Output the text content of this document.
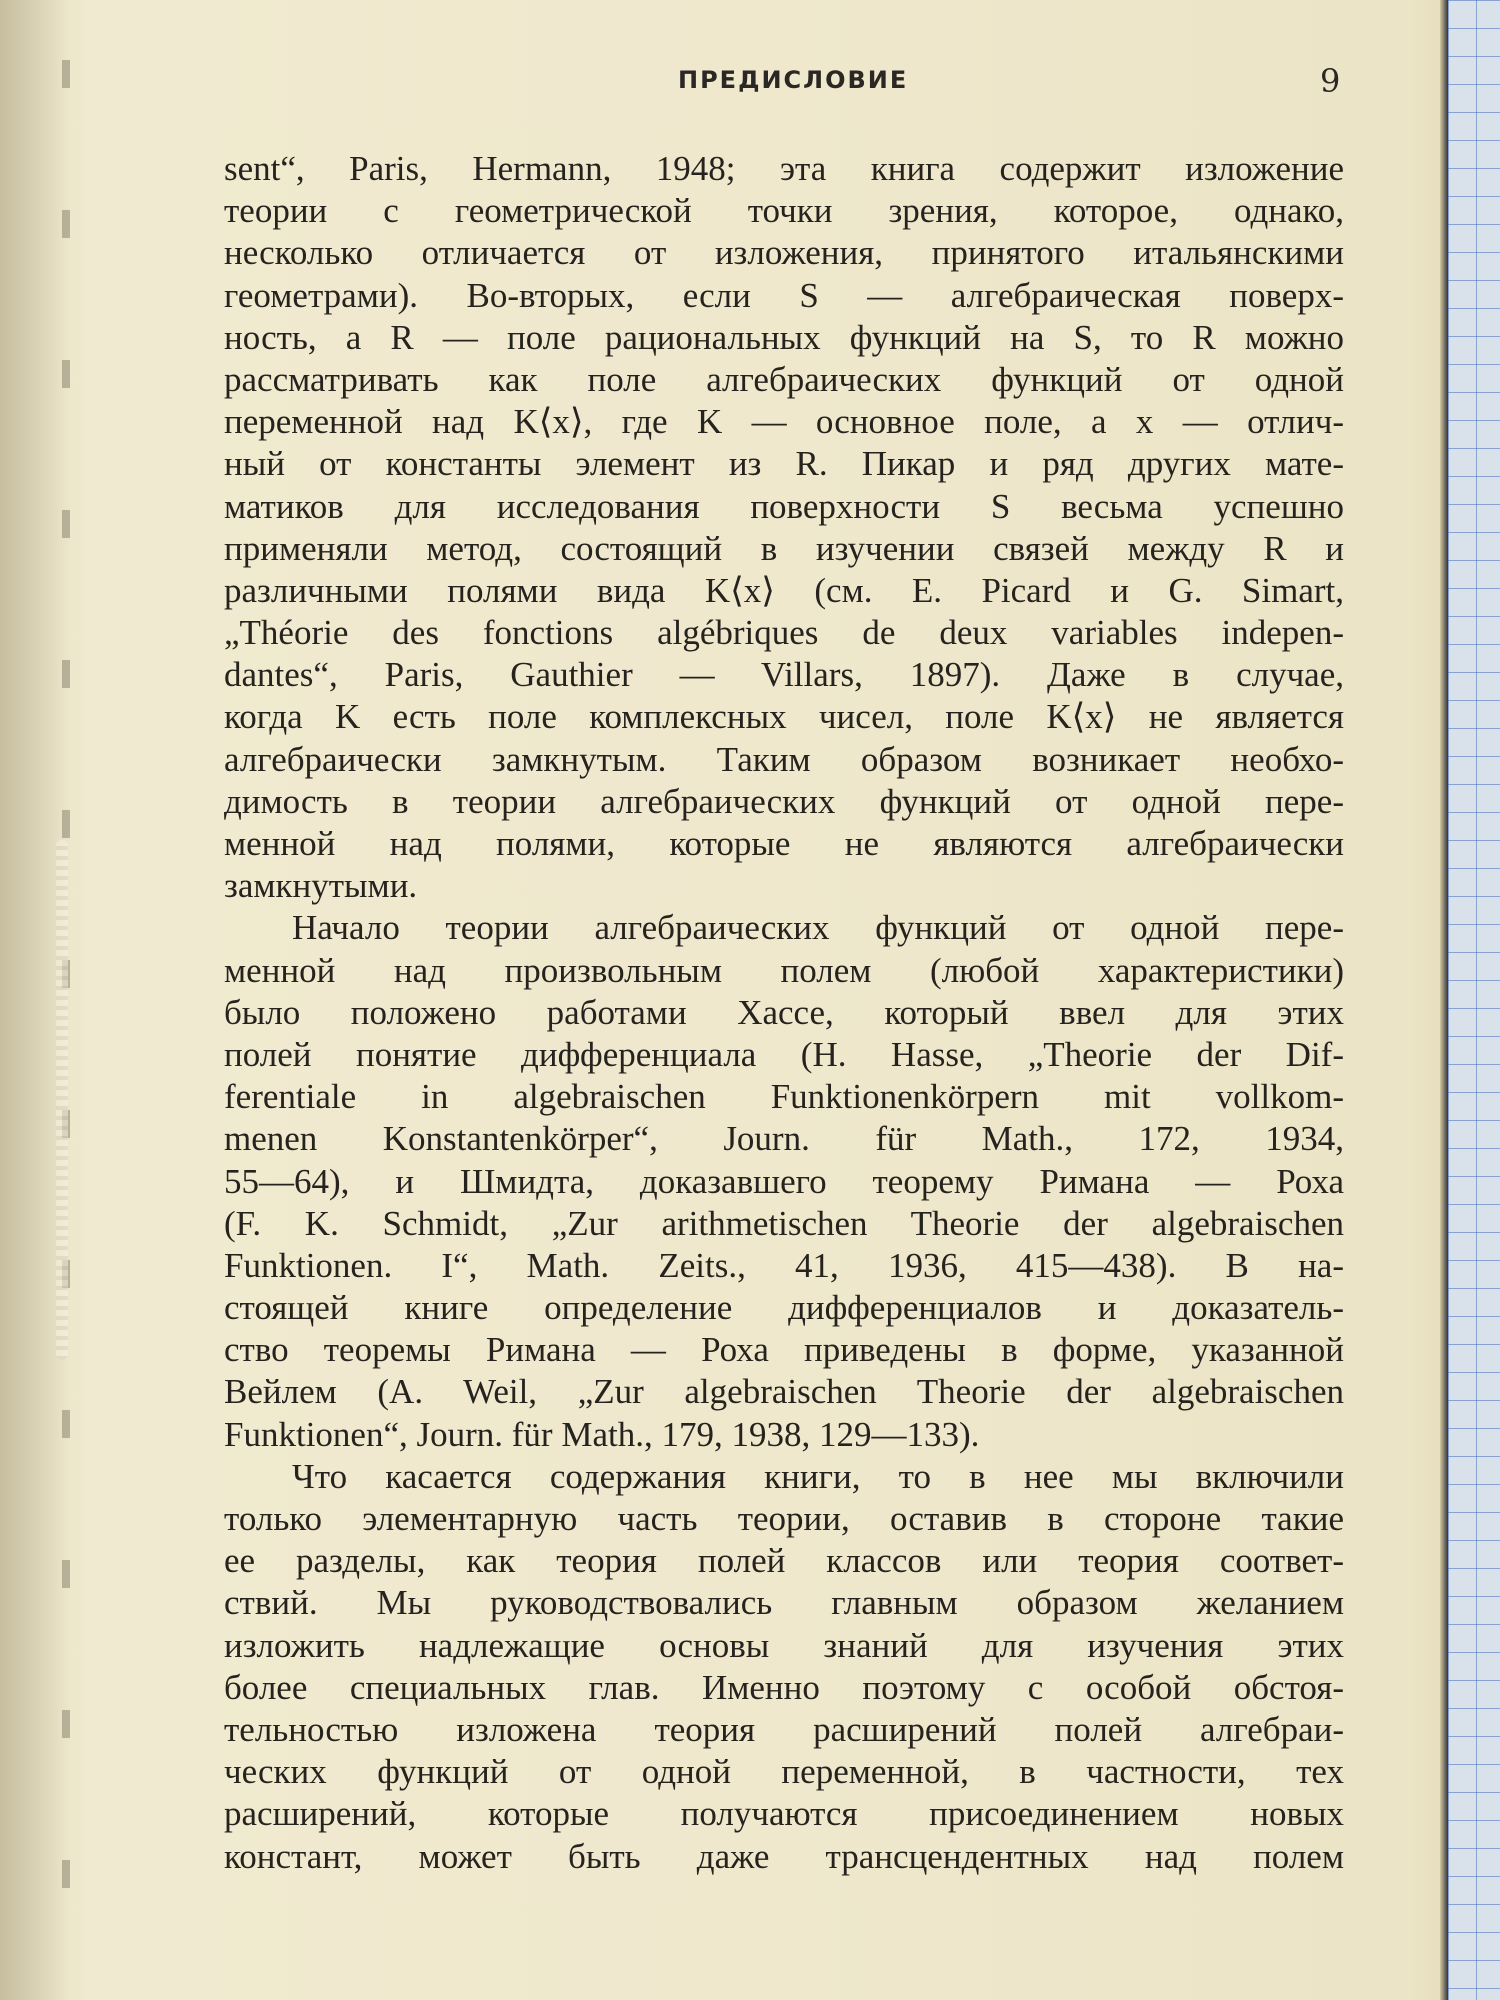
ПРЕДИСЛОВИЕ	9
sent“, Paris, Hermann, 1948; эта книга содержит изложение
теории с геометрической точки зрения, которое, однако,
несколько отличается от изложения, принятого итальянскими
геометрами). Во-вторых, если S — алгебраическая поверх-
ность, а R — поле рациональных функций на S, то R можно
рассматривать как поле алгебраических функций от одной
переменной над K⟨x⟩, где K — основное поле, а x — отлич-
ный от константы элемент из R. Пикар и ряд других мате-
матиков для исследования поверхности S весьма успешно
применяли метод, состоящий в изучении связей между R и
различными полями вида K⟨x⟩ (см. E. Picard и G. Simart,
„Théorie des fonctions algébriques de deux variables indepen-
dantes“, Paris, Gauthier — Villars, 1897). Даже в случае,
когда K есть поле комплексных чисел, поле K⟨x⟩ не является
алгебраически замкнутым. Таким образом возникает необхо-
димость в теории алгебраических функций от одной пере-
менной над полями, которые не являются алгебраически
замкнутыми.
Начало теории алгебраических функций от одной пере-
менной над произвольным полем (любой характеристики)
было положено работами Хассе, который ввел для этих
полей понятие дифференциала (H. Hasse, „Theorie der Dif-
ferentiale in algebraischen Funktionenkörpern mit vollkom-
menen Konstantenkörper“, Journ. für Math., 172, 1934,
55—64), и Шмидта, доказавшего теорему Римана — Роха
(F. K. Schmidt, „Zur arithmetischen Theorie der algebraischen
Funktionen. I“, Math. Zeits., 41, 1936, 415—438). В на-
стоящей книге определение дифференциалов и доказатель-
ство теоремы Римана — Роха приведены в форме, указанной
Вейлем (A. Weil, „Zur algebraischen Theorie der algebraischen
Funktionen“, Journ. für Math., 179, 1938, 129—133).
Что касается содержания книги, то в нее мы включили
только элементарную часть теории, оставив в стороне такие
ее разделы, как теория полей классов или теория соответ-
ствий. Мы руководствовались главным образом желанием
изложить надлежащие основы знаний для изучения этих
более специальных глав. Именно поэтому с особой обстоя-
тельностью изложена теория расширений полей алгебраи-
ческих функций от одной переменной, в частности, тех
расширений, которые получаются присоединением новых
констант, может быть даже трансцендентных над полем
